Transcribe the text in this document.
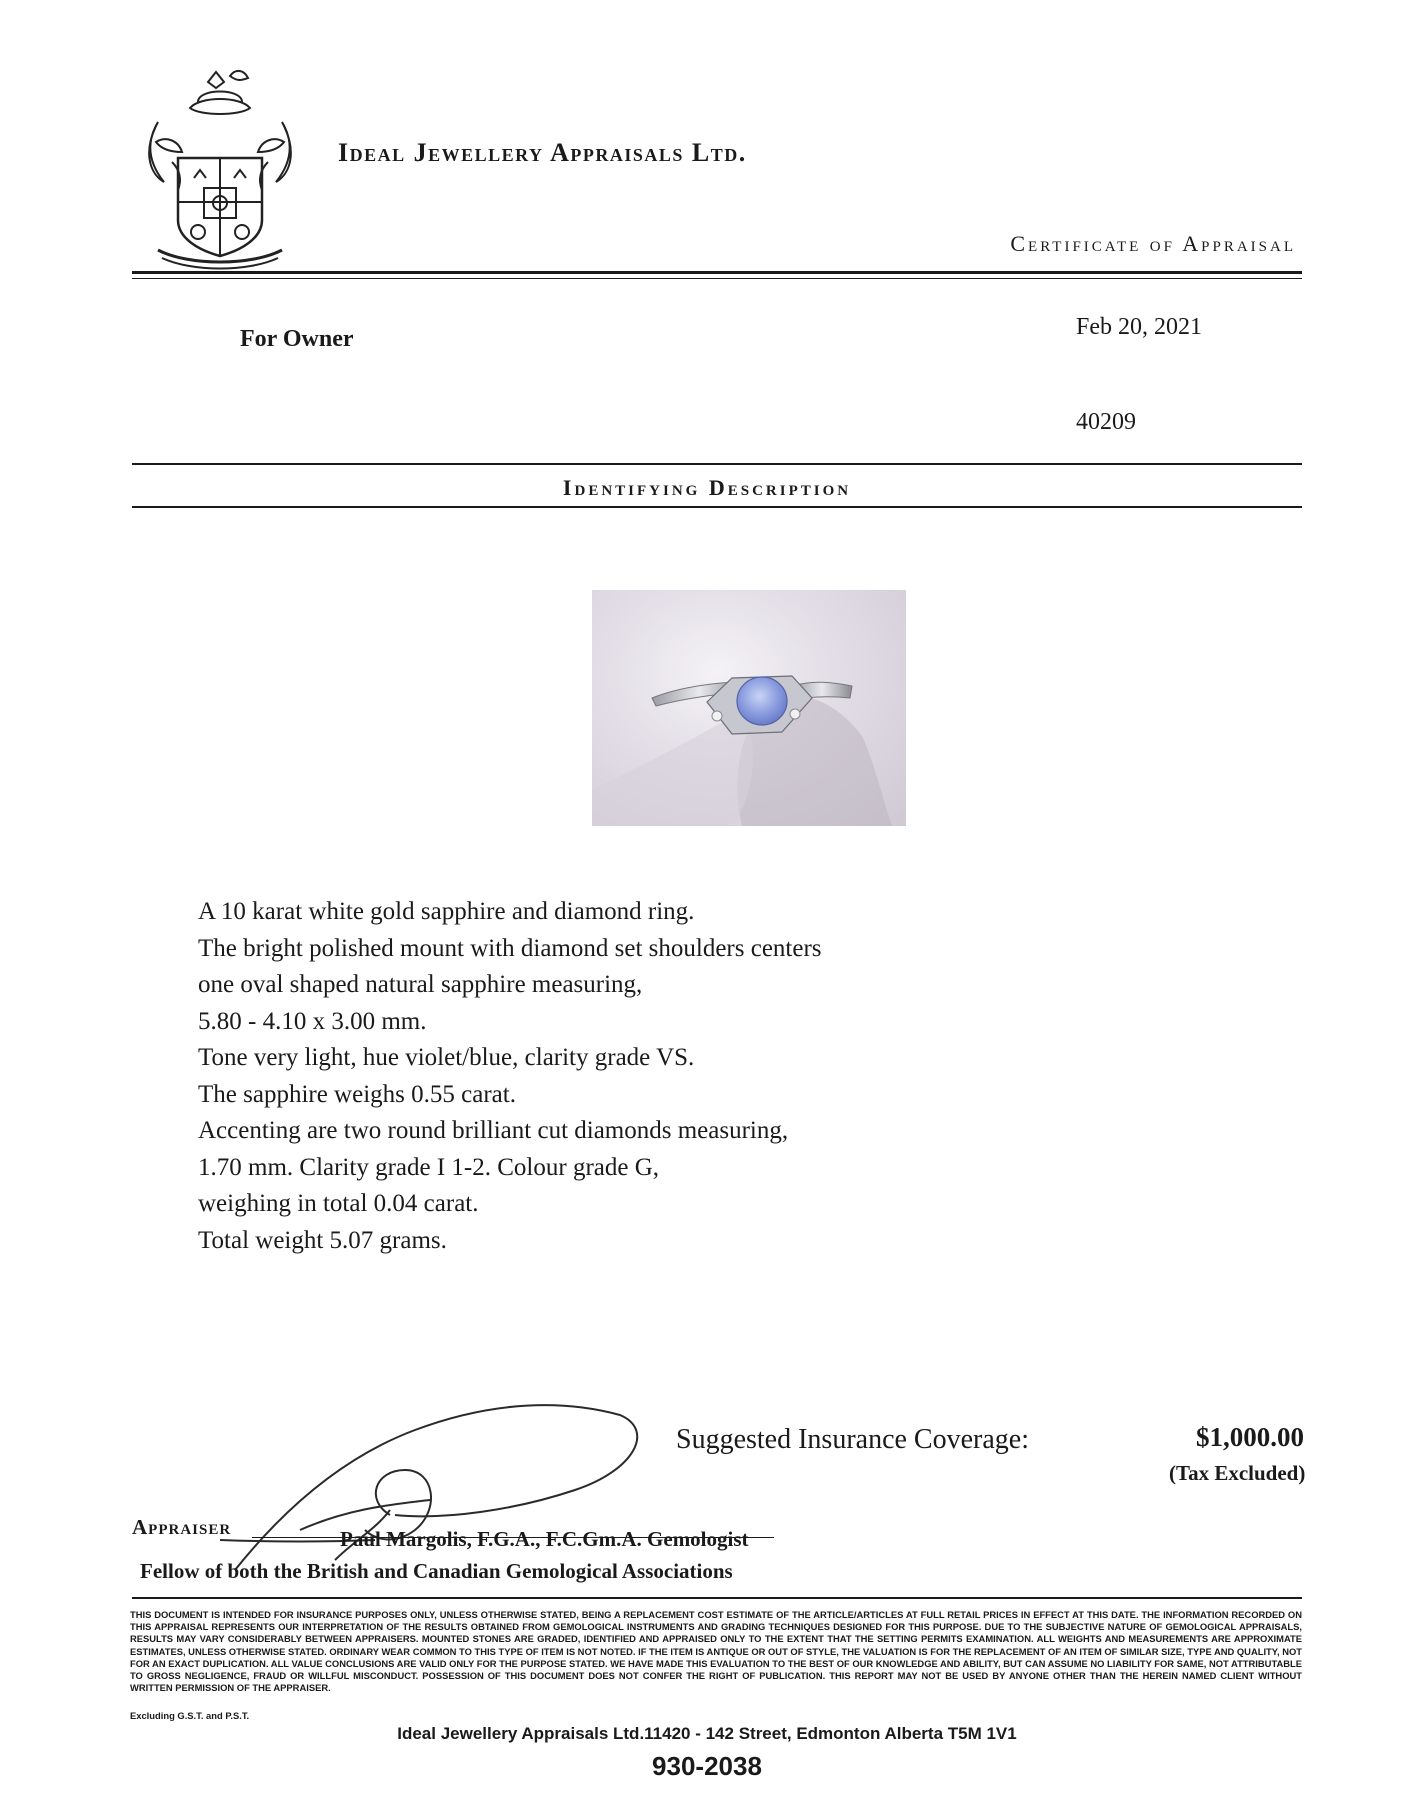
Ideal Jewellery Appraisals Ltd.
Certificate of Appraisal
For Owner	Feb 20, 2021
40209
Identifying Description
A 10 karat white gold sapphire and diamond ring.
The bright polished mount with diamond set shoulders centers
one oval shaped natural sapphire measuring,
5.80 - 4.10 x 3.00 mm.
Tone very light, hue violet/blue, clarity grade VS.
The sapphire weighs 0.55 carat.
Accenting are two round brilliant cut diamonds measuring,
1.70 mm. Clarity grade I 1-2. Colour grade G,
weighing in total 0.04 carat.
Total weight 5.07 grams.
Suggested Insurance Coverage:	$1,000.00
(Tax Excluded)
Appraiser	Paul Margolis, F.G.A., F.C.Gm.A. Gemologist
Fellow of both the British and Canadian Gemological Associations
THIS DOCUMENT IS INTENDED FOR INSURANCE PURPOSES ONLY, UNLESS OTHERWISE STATED, BEING A REPLACEMENT COST ESTIMATE OF THE ARTICLE/ARTICLES AT FULL RETAIL PRICES IN EFFECT AT THIS DATE. THE INFORMATION RECORDED ON THIS APPRAISAL REPRESENTS OUR INTERPRETATION OF THE RESULTS OBTAINED FROM GEMOLOGICAL INSTRUMENTS AND GRADING TECHNIQUES DESIGNED FOR THIS PURPOSE. DUE TO THE SUBJECTIVE NATURE OF GEMOLOGICAL APPRAISALS, RESULTS MAY VARY CONSIDERABLY BETWEEN APPRAISERS. MOUNTED STONES ARE GRADED, IDENTIFIED AND APPRAISED ONLY TO THE EXTENT THAT THE SETTING PERMITS EXAMINATION. ALL WEIGHTS AND MEASUREMENTS ARE APPROXIMATE ESTIMATES, UNLESS OTHERWISE STATED. ORDINARY WEAR COMMON TO THIS TYPE OF ITEM IS NOT NOTED. IF THE ITEM IS ANTIQUE OR OUT OF STYLE, THE VALUATION IS FOR THE REPLACEMENT OF AN ITEM OF SIMILAR SIZE, TYPE AND QUALITY, NOT FOR AN EXACT DUPLICATION. ALL VALUE CONCLUSIONS ARE VALID ONLY FOR THE PURPOSE STATED. WE HAVE MADE THIS EVALUATION TO THE BEST OF OUR KNOWLEDGE AND ABILITY, BUT CAN ASSUME NO LIABILITY FOR SAME, NOT ATTRIBUTABLE TO GROSS NEGLIGENCE, FRAUD OR WILLFUL MISCONDUCT. POSSESSION OF THIS DOCUMENT DOES NOT CONFER THE RIGHT OF PUBLICATION. THIS REPORT MAY NOT BE USED BY ANYONE OTHER THAN THE HEREIN NAMED CLIENT WITHOUT WRITTEN PERMISSION OF THE APPRAISER.
Excluding G.S.T. and P.S.T.
Ideal Jewellery Appraisals Ltd.11420 - 142 Street, Edmonton Alberta T5M 1V1
930-2038
